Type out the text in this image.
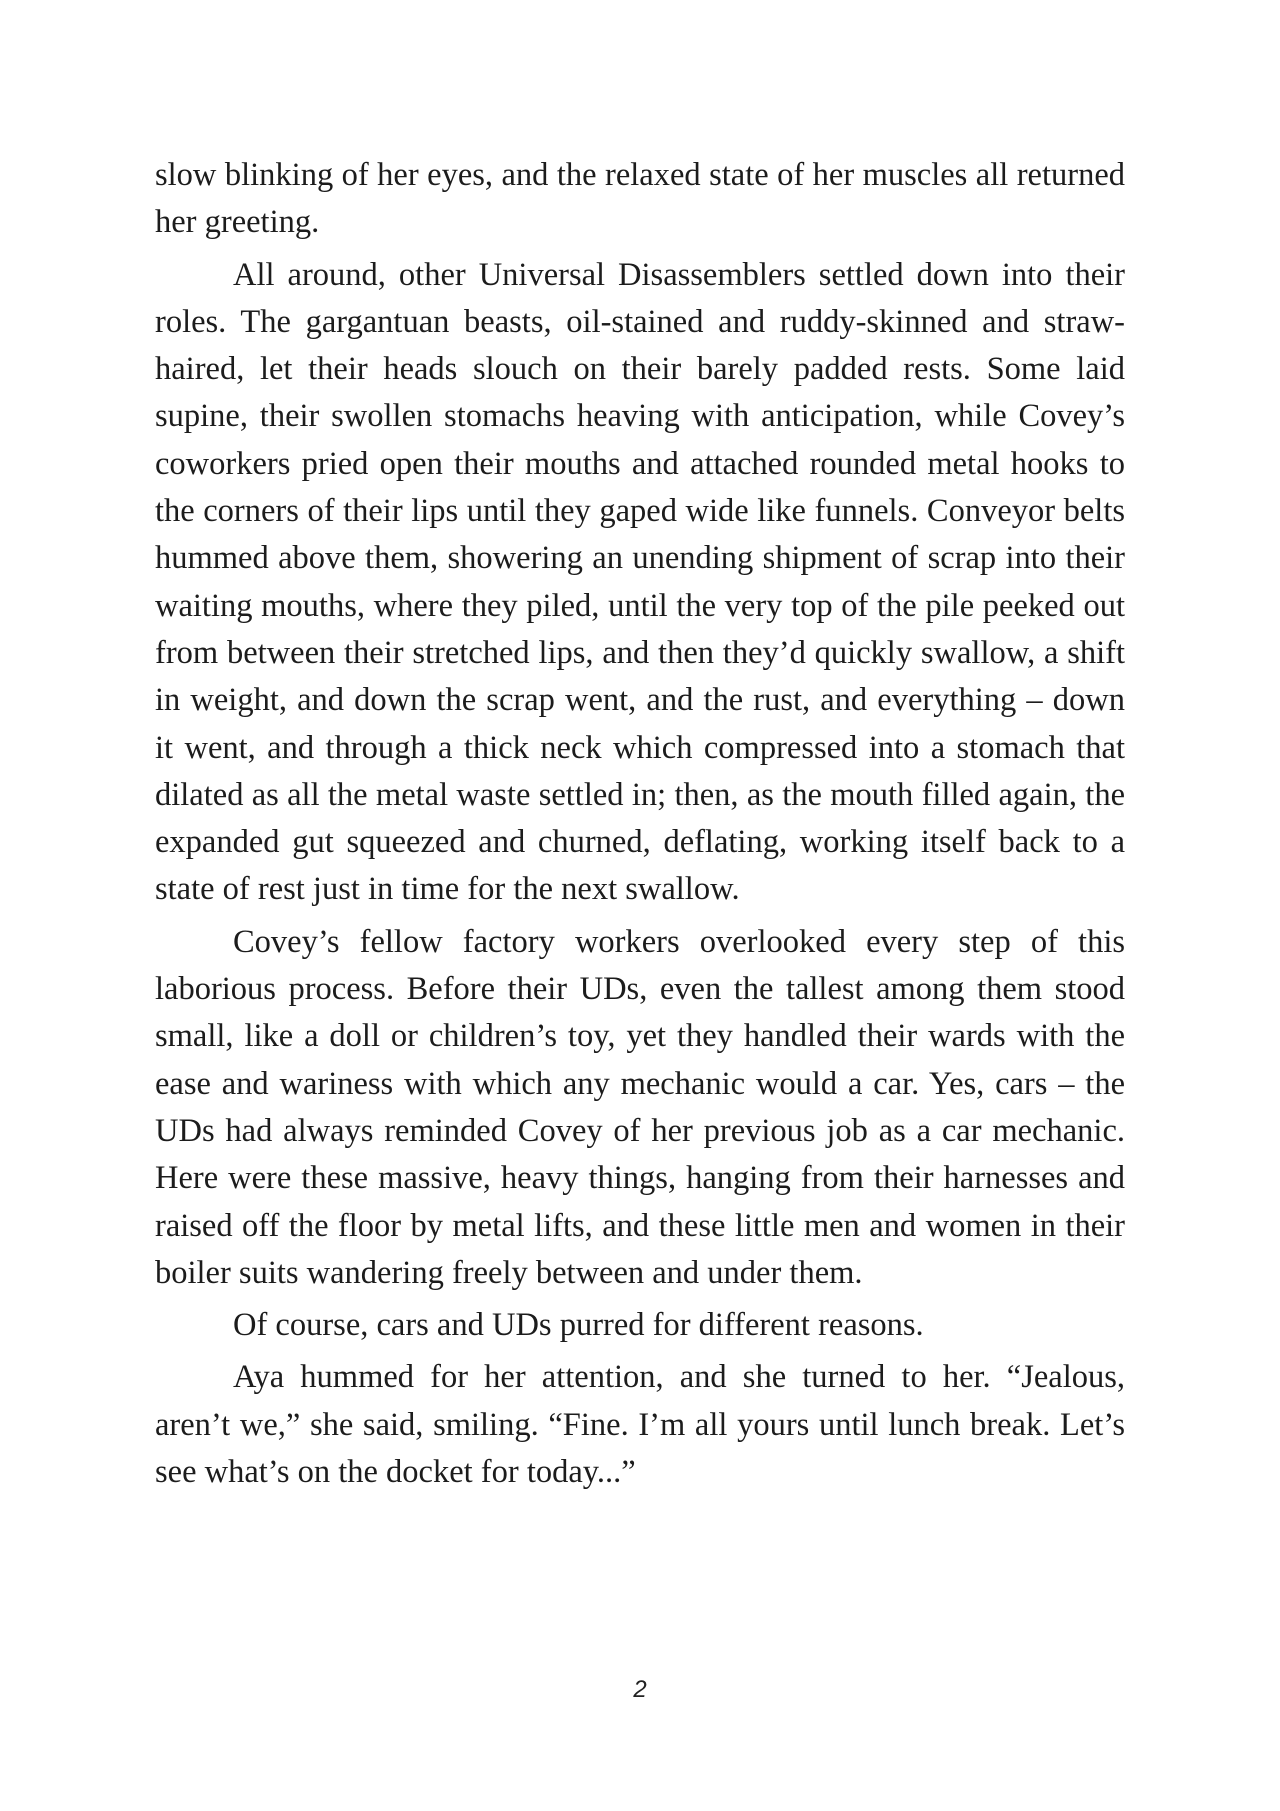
slow blinking of her eyes, and the relaxed state of her muscles all returned her greeting.

All around, other Universal Disassemblers settled down into their roles. The gargantuan beasts, oil-stained and ruddy-skinned and straw-haired, let their heads slouch on their barely padded rests. Some laid supine, their swollen stomachs heaving with anticipation, while Covey’s coworkers pried open their mouths and attached rounded metal hooks to the corners of their lips until they gaped wide like funnels. Conveyor belts hummed above them, showering an unending shipment of scrap into their waiting mouths, where they piled, until the very top of the pile peeked out from between their stretched lips, and then they’d quickly swallow, a shift in weight, and down the scrap went, and the rust, and everything – down it went, and through a thick neck which compressed into a stomach that dilated as all the metal waste settled in; then, as the mouth filled again, the expanded gut squeezed and churned, deflating, working itself back to a state of rest just in time for the next swallow.

Covey’s fellow factory workers overlooked every step of this laborious process. Before their UDs, even the tallest among them stood small, like a doll or children’s toy, yet they handled their wards with the ease and wariness with which any mechanic would a car. Yes, cars – the UDs had always reminded Covey of her previous job as a car mechanic. Here were these massive, heavy things, hanging from their harnesses and raised off the floor by metal lifts, and these little men and women in their boiler suits wandering freely between and under them.

Of course, cars and UDs purred for different reasons.

Aya hummed for her attention, and she turned to her. “Jealous, aren’t we,” she said, smiling. “Fine. I’m all yours until lunch break. Let’s see what’s on the docket for today...”

2
